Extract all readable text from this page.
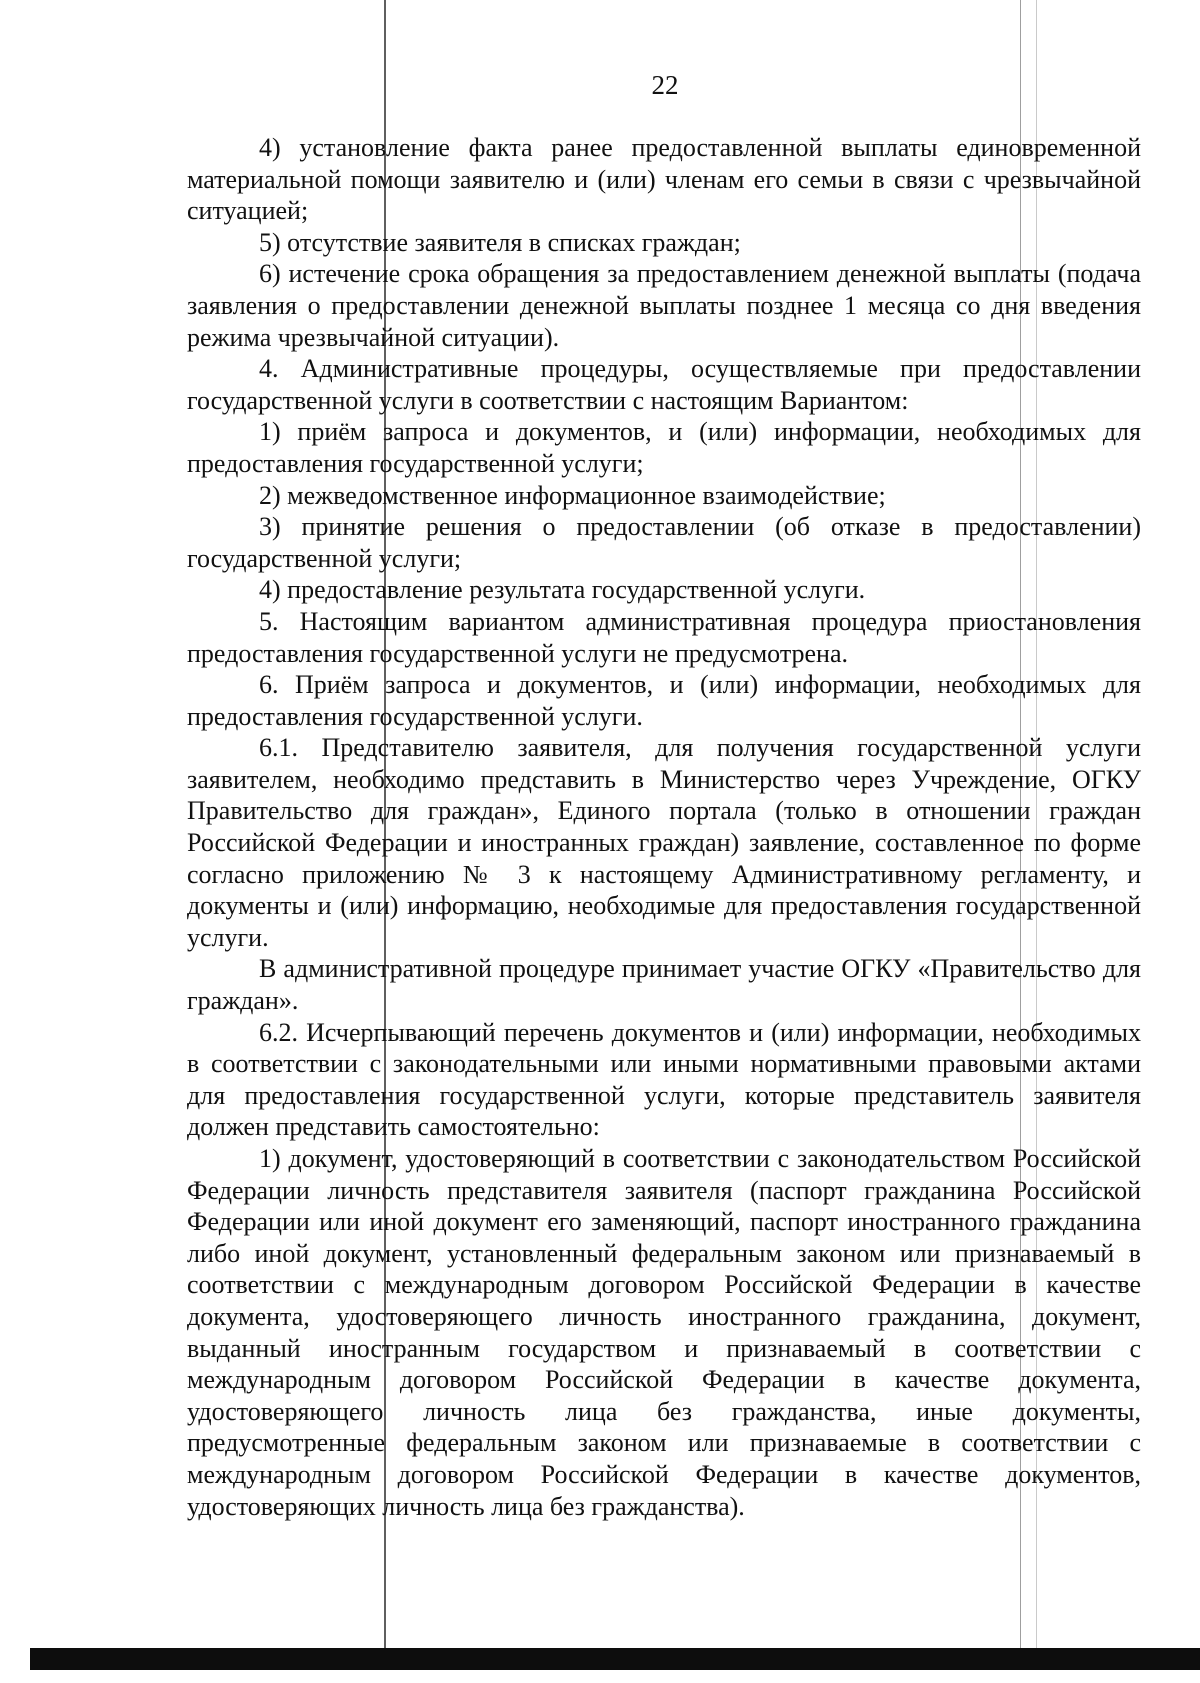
22

4) установление факта ранее предоставленной выплаты единовременной материальной помощи заявителю и (или) членам его семьи в связи с чрезвычайной ситуацией;

5) отсутствие заявителя в списках граждан;

6) истечение срока обращения за предоставлением денежной выплаты (подача заявления о предоставлении денежной выплаты позднее 1 месяца со дня введения режима чрезвычайной ситуации).

4. Административные процедуры, осуществляемые при предоставлении государственной услуги в соответствии с настоящим Вариантом:

1) приём запроса и документов, и (или) информации, необходимых для предоставления государственной услуги;

2) межведомственное информационное взаимодействие;

3) принятие решения о предоставлении (об отказе в предоставлении) государственной услуги;

4) предоставление результата государственной услуги.

5. Настоящим вариантом административная процедура приостановления предоставления государственной услуги не предусмотрена.

6. Приём запроса и документов, и (или) информации, необходимых для предоставления государственной услуги.

6.1. Представителю заявителя, для получения государственной услуги заявителем, необходимо представить в Министерство через Учреждение, ОГКУ Правительство для граждан», Единого портала (только в отношении граждан Российской Федерации и иностранных граждан) заявление, составленное по форме согласно приложению № 3 к настоящему Административному регламенту, и документы и (или) информацию, необходимые для предоставления государственной услуги.

В административной процедуре принимает участие ОГКУ «Правительство для граждан».

6.2. Исчерпывающий перечень документов и (или) информации, необходимых в соответствии с законодательными или иными нормативными правовыми актами для предоставления государственной услуги, которые представитель заявителя должен представить самостоятельно:

1) документ, удостоверяющий в соответствии с законодательством Российской Федерации личность представителя заявителя (паспорт гражданина Российской Федерации или иной документ его заменяющий, паспорт иностранного гражданина либо иной документ, установленный федеральным законом или признаваемый в соответствии с международным договором Российской Федерации в качестве документа, удостоверяющего личность иностранного гражданина, документ, выданный иностранным государством и признаваемый в соответствии с международным договором Российской Федерации в качестве документа, удостоверяющего личность лица без гражданства, иные документы, предусмотренные федеральным законом или признаваемые в соответствии с международным договором Российской Федерации в качестве документов, удостоверяющих личность лица без гражданства).
